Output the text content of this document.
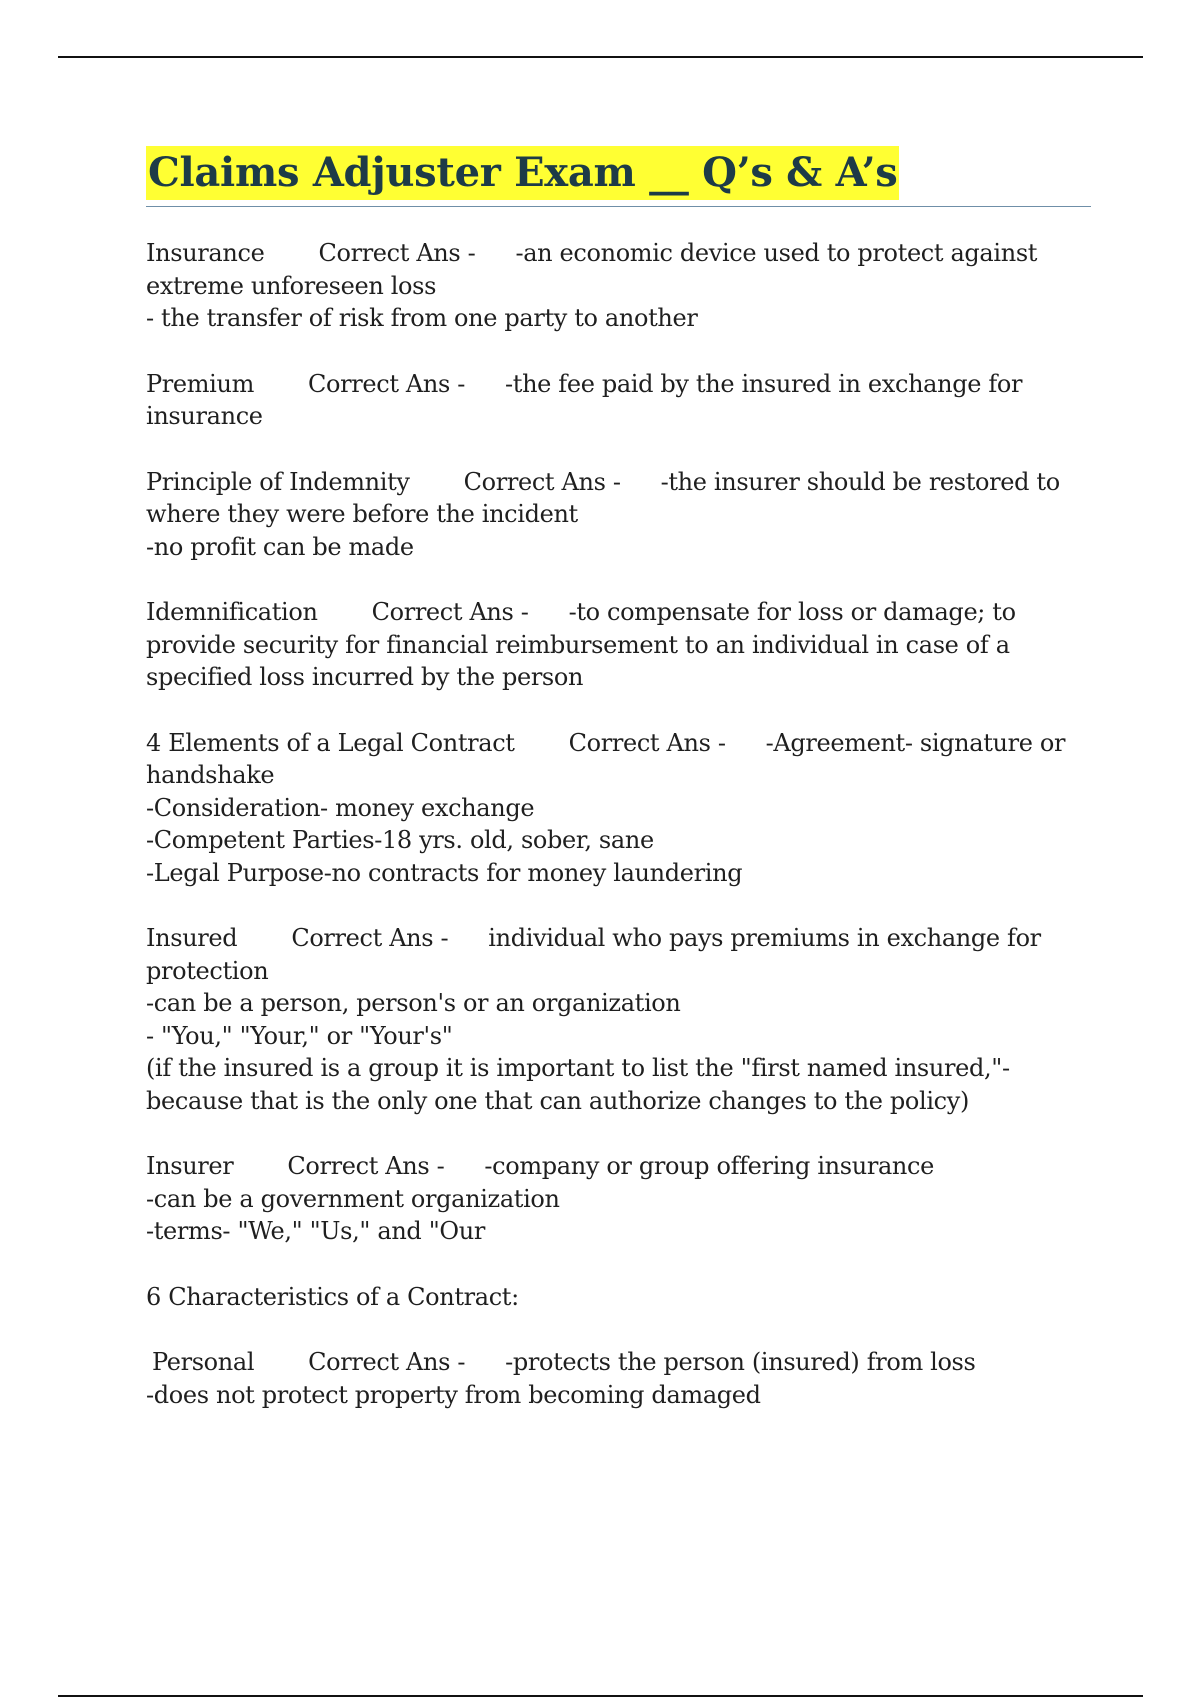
Claims Adjuster Exam __ Q’s & A’s
Insurance Correct Ans - -an economic device used to protect against extreme unforeseen loss
- the transfer of risk from one party to another
Premium Correct Ans - -the fee paid by the insured in exchange for insurance
Principle of Indemnity Correct Ans - -the insurer should be restored to where they were before the incident
-no profit can be made
Idemnification Correct Ans - -to compensate for loss or damage; to provide security for financial reimbursement to an individual in case of a specified loss incurred by the person
4 Elements of a Legal Contract Correct Ans - -Agreement- signature or handshake
-Consideration- money exchange
-Competent Parties-18 yrs. old, sober, sane
-Legal Purpose-no contracts for money laundering
Insured Correct Ans - individual who pays premiums in exchange for protection
-can be a person, person's or an organization
- "You," "Your," or "Your's"
(if the insured is a group it is important to list the "first named insured,"- because that is the only one that can authorize changes to the policy)
Insurer Correct Ans - -company or group offering insurance
-can be a government organization
-terms- "We," "Us," and "Our
6 Characteristics of a Contract:
Personal Correct Ans - -protects the person (insured) from loss
-does not protect property from becoming damaged
